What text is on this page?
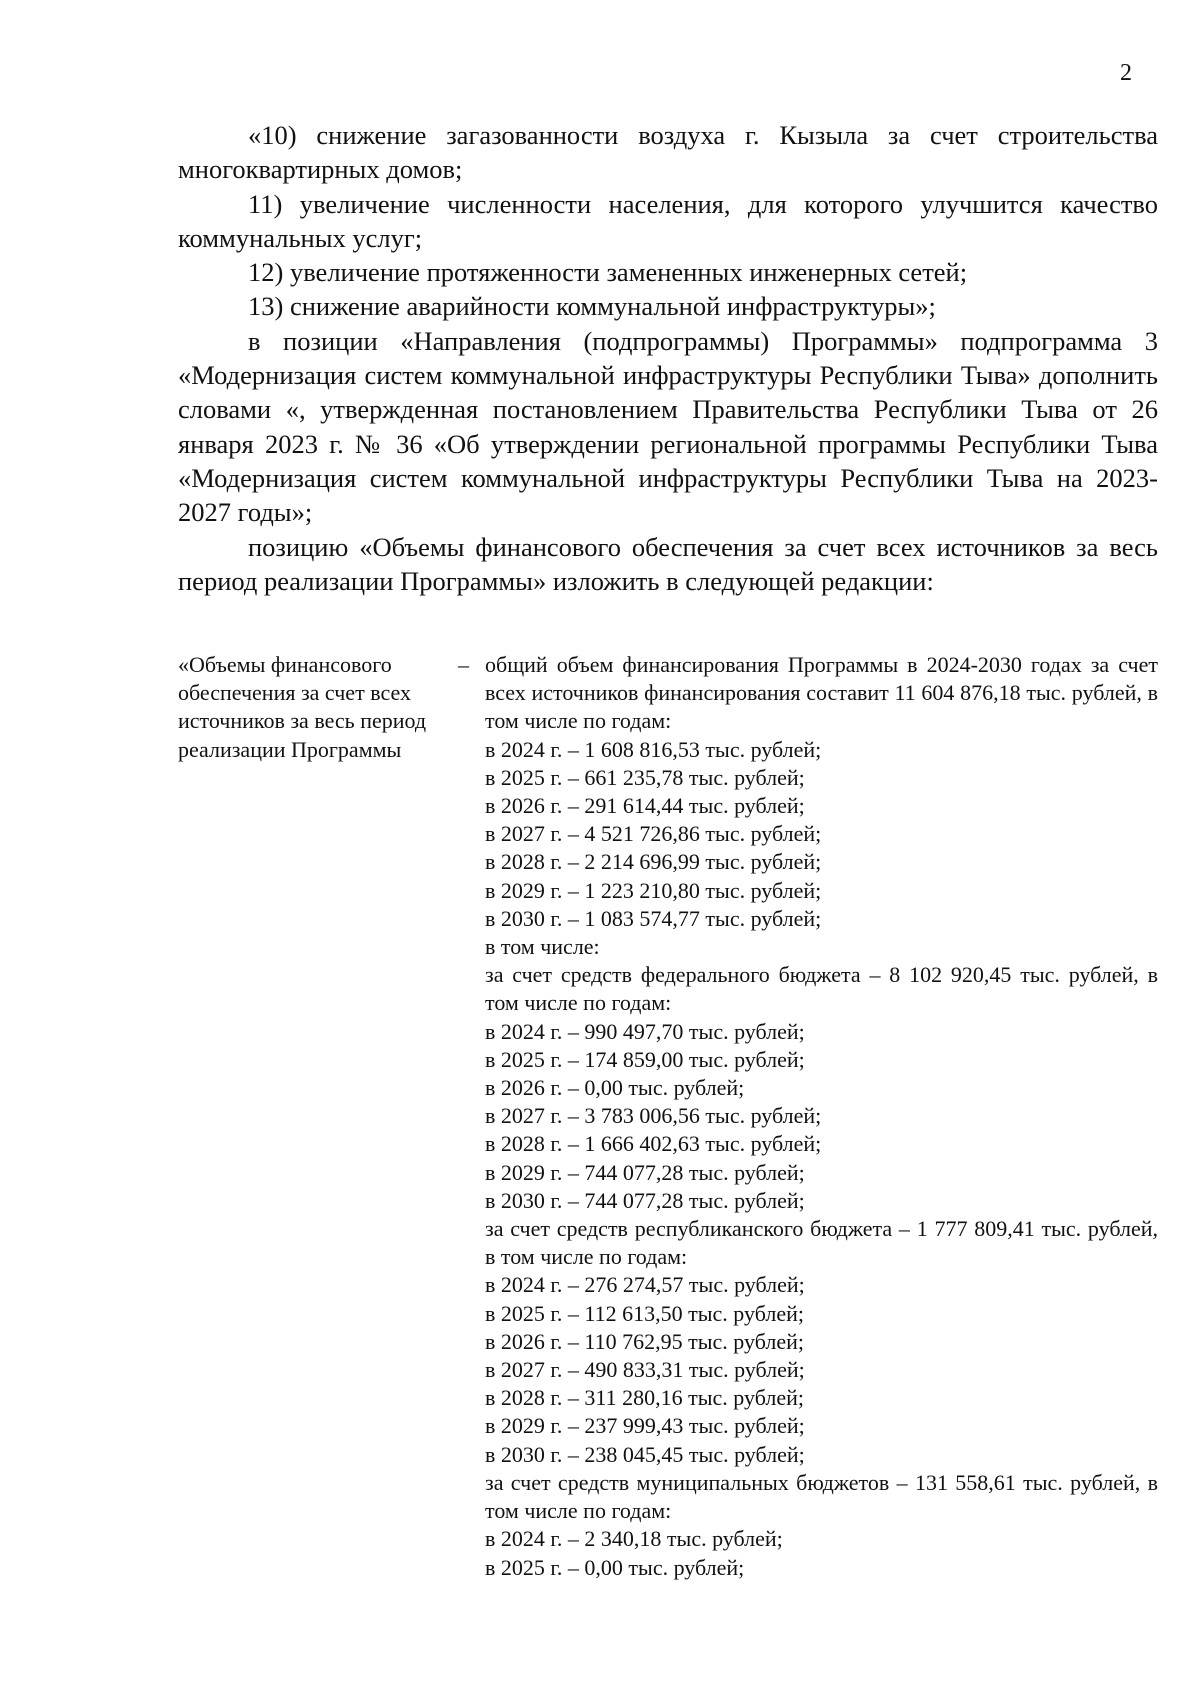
2

«10) снижение загазованности воздуха г. Кызыла за счет строительства многоквартирных домов;

11) увеличение численности населения, для которого улучшится качество коммунальных услуг;

12) увеличение протяженности замененных инженерных сетей;

13) снижение аварийности коммунальной инфраструктуры»;

в позиции «Направления (подпрограммы) Программы» подпрограмма 3 «Модернизация систем коммунальной инфраструктуры Республики Тыва» дополнить словами «, утвержденная постановлением Правительства Республики Тыва от 26 января 2023 г. № 36 «Об утверждении региональной программы Республики Тыва «Модернизация систем коммунальной инфраструктуры Республики Тыва на 2023-2027 годы»;

позицию «Объемы финансового обеспечения за счет всех источников за весь период реализации Программы» изложить в следующей редакции:

«Объемы финансового обеспечения за счет всех источников за весь период реализации Программы
– общий объем финансирования Программы в 2024-2030 годах за счет всех источников финансирования составит 11 604 876,18 тыс. рублей, в том числе по годам:
в 2024 г. – 1 608 816,53 тыс. рублей;
в 2025 г. – 661 235,78 тыс. рублей;
в 2026 г. – 291 614,44 тыс. рублей;
в 2027 г. – 4 521 726,86 тыс. рублей;
в 2028 г. – 2 214 696,99 тыс. рублей;
в 2029 г. – 1 223 210,80 тыс. рублей;
в 2030 г. – 1 083 574,77 тыс. рублей;
в том числе:
за счет средств федерального бюджета – 8 102 920,45 тыс. рублей, в том числе по годам:
в 2024 г. – 990 497,70 тыс. рублей;
в 2025 г. – 174 859,00 тыс. рублей;
в 2026 г. – 0,00 тыс. рублей;
в 2027 г. – 3 783 006,56 тыс. рублей;
в 2028 г. – 1 666 402,63 тыс. рублей;
в 2029 г. – 744 077,28 тыс. рублей;
в 2030 г. – 744 077,28 тыс. рублей;
за счет средств республиканского бюджета – 1 777 809,41 тыс. рублей, в том числе по годам:
в 2024 г. – 276 274,57 тыс. рублей;
в 2025 г. – 112 613,50 тыс. рублей;
в 2026 г. – 110 762,95 тыс. рублей;
в 2027 г. – 490 833,31 тыс. рублей;
в 2028 г. – 311 280,16 тыс. рублей;
в 2029 г. – 237 999,43 тыс. рублей;
в 2030 г. – 238 045,45 тыс. рублей;
за счет средств муниципальных бюджетов – 131 558,61 тыс. рублей, в том числе по годам:
в 2024 г. – 2 340,18 тыс. рублей;
в 2025 г. – 0,00 тыс. рублей;
